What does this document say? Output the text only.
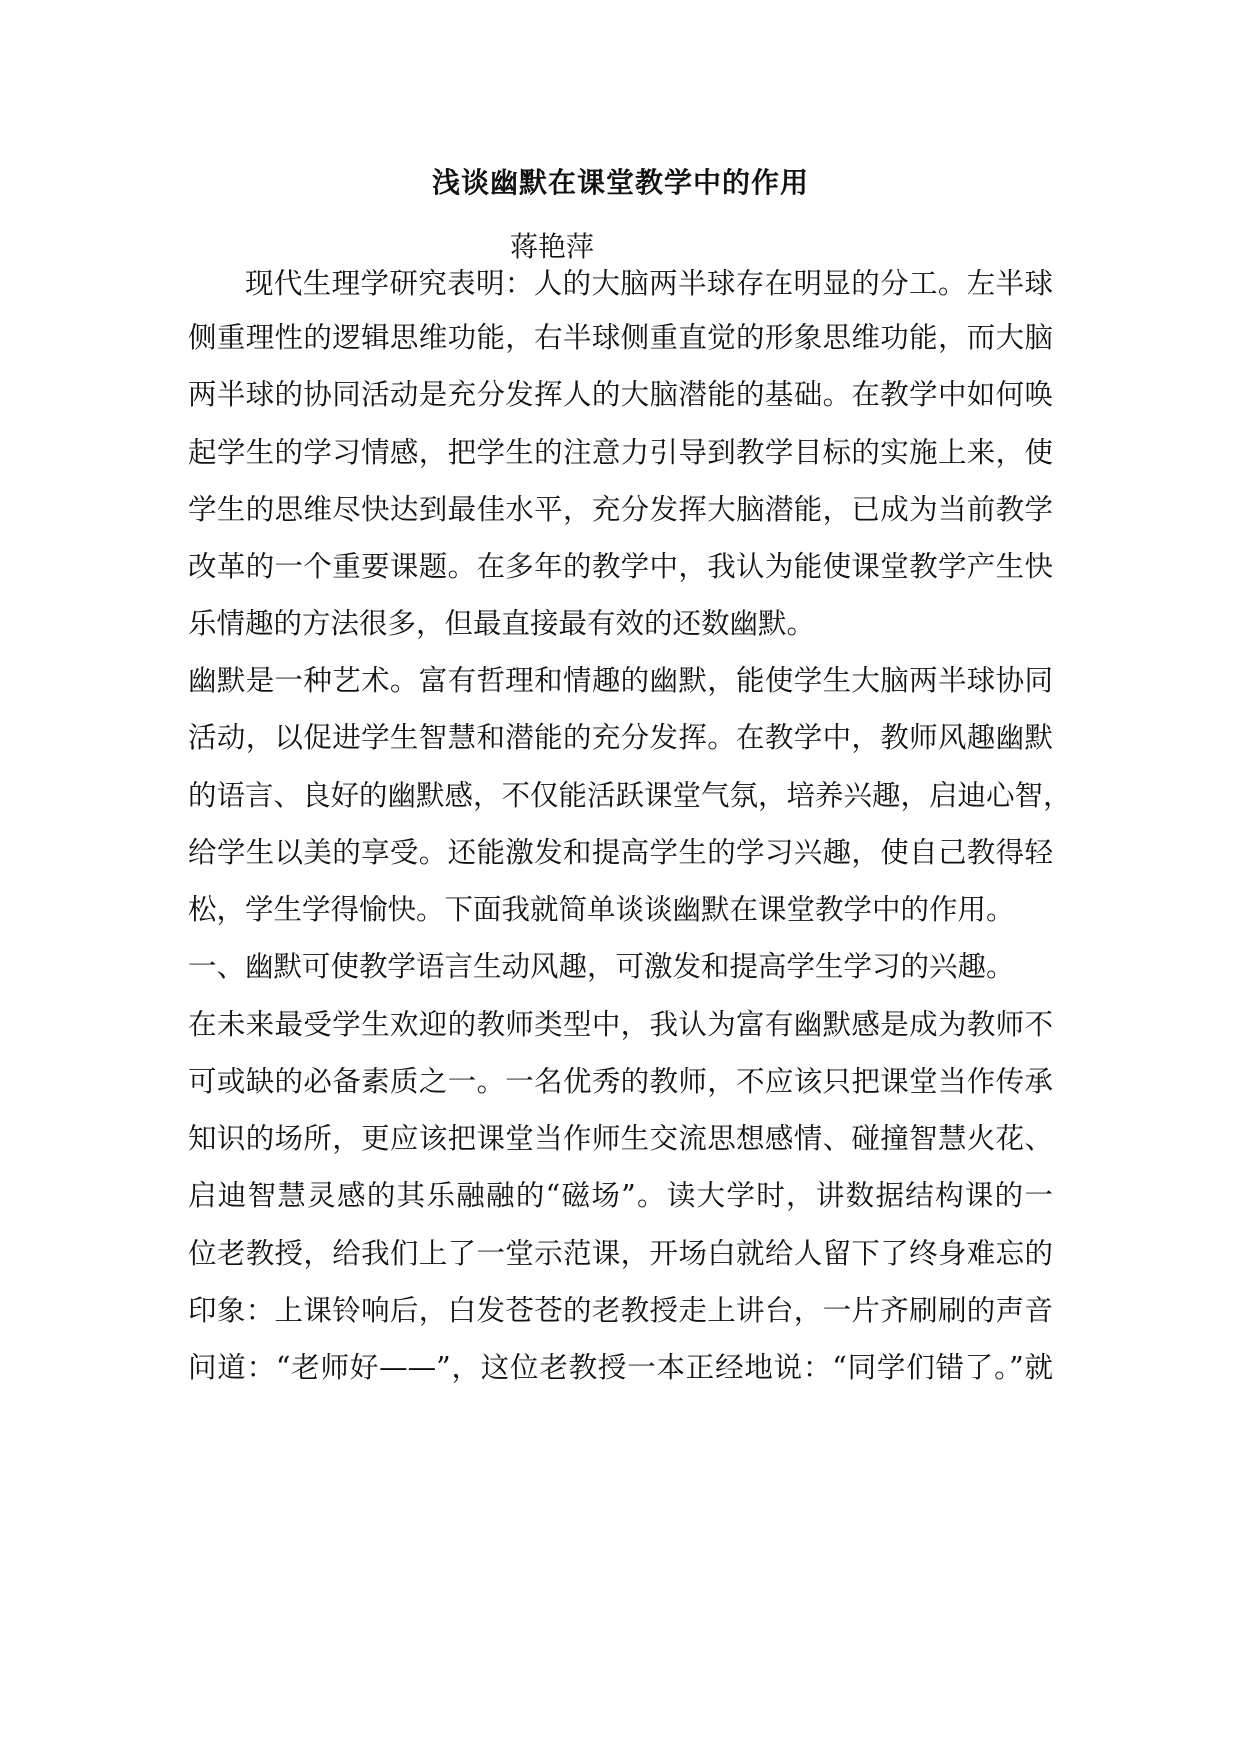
浅谈幽默在课堂教学中的作用
蒋艳萍
现代生理学研究表明：人的大脑两半球存在明显的分工。左半球
侧重理性的逻辑思维功能，右半球侧重直觉的形象思维功能，而大脑
两半球的协同活动是充分发挥人的大脑潜能的基础。在教学中如何唤
起学生的学习情感，把学生的注意力引导到教学目标的实施上来，使
学生的思维尽快达到最佳水平，充分发挥大脑潜能，已成为当前教学
改革的一个重要课题。在多年的教学中，我认为能使课堂教学产生快
乐情趣的方法很多，但最直接最有效的还数幽默。
幽默是一种艺术。富有哲理和情趣的幽默，能使学生大脑两半球协同
活动，以促进学生智慧和潜能的充分发挥。在教学中，教师风趣幽默
的语言、良好的幽默感，不仅能活跃课堂气氛，培养兴趣，启迪心智，
给学生以美的享受。还能激发和提高学生的学习兴趣，使自己教得轻
松，学生学得愉快。下面我就简单谈谈幽默在课堂教学中的作用。
一、幽默可使教学语言生动风趣，可激发和提高学生学习的兴趣。
在未来最受学生欢迎的教师类型中，我认为富有幽默感是成为教师不
可或缺的必备素质之一。一名优秀的教师，不应该只把课堂当作传承
知识的场所，更应该把课堂当作师生交流思想感情、碰撞智慧火花、
启迪智慧灵感的其乐融融的“磁场”。读大学时，讲数据结构课的一
位老教授，给我们上了一堂示范课，开场白就给人留下了终身难忘的
印象：上课铃响后，白发苍苍的老教授走上讲台，一片齐刷刷的声音
问道：“老师好——”，这位老教授一本正经地说：“同学们错了。”就
